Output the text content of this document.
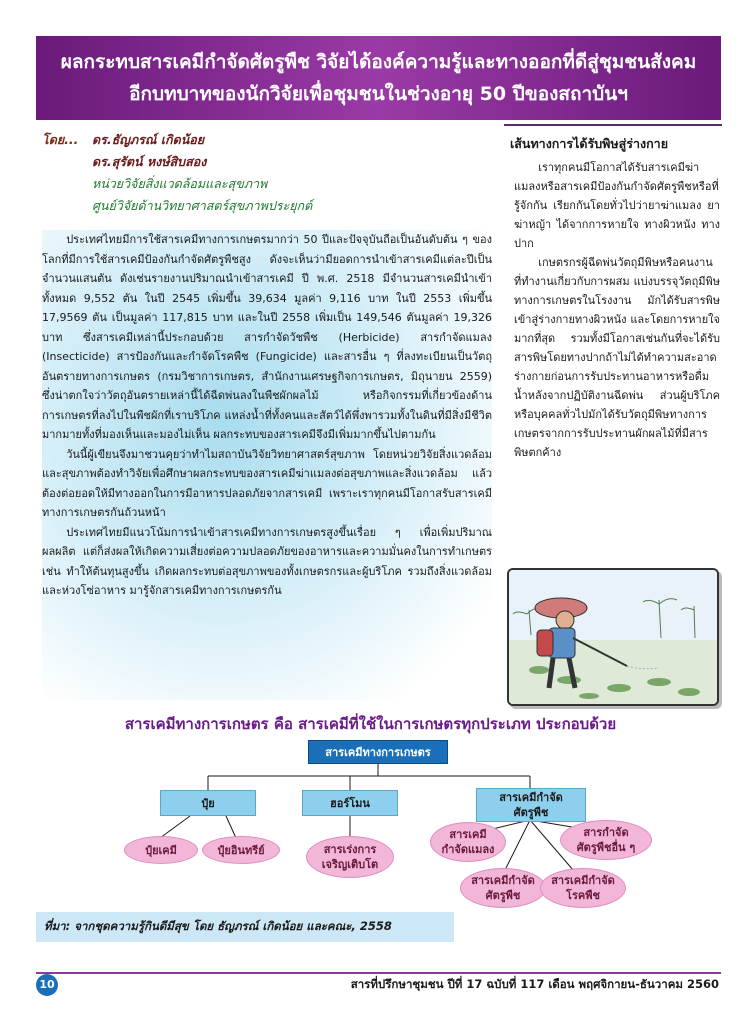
ผลกระทบสารเคมีกำจัดศัตรูพืช วิจัยได้องค์ความรู้และทางออกที่ดีสู่ชุมชนสังคม
อีกบทบาทของนักวิจัยเพื่อชุมชนในช่วงอายุ 50 ปีของสถาบันฯ
โดย...	ดร.ธัญภรณ์ เกิดน้อย
ดร.สุรัตน์ หงษ์สิบสอง
หน่วยวิจัยสิ่งแวดล้อมและสุขภาพ
ศูนย์วิจัยด้านวิทยาศาสตร์สุขภาพประยุกต์

ประเทศไทยมีการใช้สารเคมีทางการเกษตรมากว่า 50 ปีและปัจจุบันถือเป็นอันดับต้น ๆ ของโลกที่มีการใช้สารเคมีป้องกันกำจัดศัตรูพืชสูง ดังจะเห็นว่ามียอดการนำเข้าสารเคมีแต่ละปีเป็นจำนวนแสนตัน ดังเช่นรายงานปริมาณนำเข้าสารเคมี ปี พ.ศ. 2518 มีจำนวนสารเคมีนำเข้าทั้งหมด 9,552 ตัน ในปี 2545 เพิ่มขึ้น 39,634 มูลค่า 9,116 บาท ในปี 2553 เพิ่มขึ้น 17,9569 ตัน เป็นมูลค่า 117,815 บาท และในปี 2558 เพิ่มเป็น 149,546 ตันมูลค่า 19,326 บาท ซึ่งสารเคมีเหล่านี้ประกอบด้วย สารกำจัดวัชพืช (Herbicide) สารกำจัดแมลง (Insecticide) สารป้องกันและกำจัดโรคพืช (Fungicide) และสารอื่น ๆ ที่ลงทะเบียนเป็นวัตถุอันตรายทางการเกษตร (กรมวิชาการเกษตร, สำนักงานเศรษฐกิจการเกษตร, มิถุนายน 2559) ซึ่งน่าตกใจว่าวัตถุอันตรายเหล่านี้ได้ฉีดพ่นลงในพืชผักผลไม้ หรือกิจกรรมที่เกี่ยวข้องด้านการเกษตรที่ลงไปในพืชผักที่เราบริโภค แหล่งน้ำที่ทั้งคนและสัตว์ได้พึ่งพารวมทั้งในดินที่มีสิ่งมีชีวิตมากมายทั้งที่มองเห็นและมองไม่เห็น ผลกระทบของสารเคมีจึงมีเพิ่มมากขึ้นไปตามกัน

วันนี้ผู้เขียนจึงมาชวนคุยว่าทำไมสถาบันวิจัยวิทยาศาสตร์สุขภาพ โดยหน่วยวิจัยสิ่งแวดล้อมและสุขภาพต้องทำวิจัยเพื่อศึกษาผลกระทบของสารเคมีฆ่าแมลงต่อสุขภาพและสิ่งแวดล้อม แล้วต้องต่อยอดให้มีทางออกในการมีอาหารปลอดภัยจากสารเคมี เพราะเราทุกคนมีโอกาสรับสารเคมีทางการเกษตรกันถ้วนหน้า

ประเทศไทยมีแนวโน้มการนำเข้าสารเคมีทางการเกษตรสูงขึ้นเรื่อย ๆ เพื่อเพิ่มปริมาณผลผลิต แต่ก็ส่งผลให้เกิดความเสี่ยงต่อความปลอดภัยของอาหารและความมั่นคงในการทำเกษตร เช่น ทำให้ต้นทุนสูงขึ้น เกิดผลกระทบต่อสุขภาพของทั้งเกษตรกรและผู้บริโภค รวมถึงสิ่งแวดล้อมและห่วงโซ่อาหาร มารู้จักสารเคมีทางการเกษตรกัน

เส้นทางการได้รับพิษสู่ร่างกาย

เราทุกคนมีโอกาสได้รับสารเคมีฆ่าแมลงหรือสารเคมีป้องกันกำจัดศัตรูพืชหรือที่รู้จักกัน เรียกกันโดยทั่วไปว่ายาฆ่าแมลง ยาฆ่าหญ้า ได้จากการหายใจ ทางผิวหนัง ทางปาก

เกษตรกรผู้ฉีดพ่นวัตถุมีพิษหรือคนงานที่ทำงานเกี่ยวกับการผสม แบ่งบรรจุวัตถุมีพิษทางการเกษตรในโรงงาน มักได้รับสารพิษเข้าสู่ร่างกายทางผิวหนัง และโดยการหายใจมากที่สุด รวมทั้งมีโอกาสเช่นกันที่จะได้รับสารพิษโดยทางปากถ้าไม่ได้ทำความสะอาดร่างกายก่อนการรับประทานอาหารหรือดื่มน้ำหลังจากปฏิบัติงานฉีดพ่น ส่วนผู้บริโภคหรือบุคคลทั่วไปมักได้รับวัตถุมีพิษทางการเกษตรจากการรับประทานผักผลไม้ที่มีสารพิษตกค้าง

สารเคมีทางการเกษตร คือ สารเคมีที่ใช้ในการเกษตรทุกประเภท ประกอบด้วย
สารเคมีทางการเกษตร
ปุ๋ย	ฮอร์โมน	สารเคมีกำจัด
ศัตรูพืช
ปุ๋ยเคมี	ปุ๋ยอินทรีย์	สารเร่งการ
เจริญเติบโต
สารเคมี
กำจัดแมลง
สารกำจัด
ศัตรูพืชอื่น ๆ
สารเคมีกำจัด
ศัตรูพืช
สารเคมีกำจัด
โรคพืช
ที่มา: จากชุดความรู้กินดีมีสุข โดย ธัญภรณ์ เกิดน้อย และคณะ, 2558
10	สารที่ปรึกษาชุมชน ปีที่ 17 ฉบับที่ 117 เดือน พฤศจิกายน-ธันวาคม 2560
